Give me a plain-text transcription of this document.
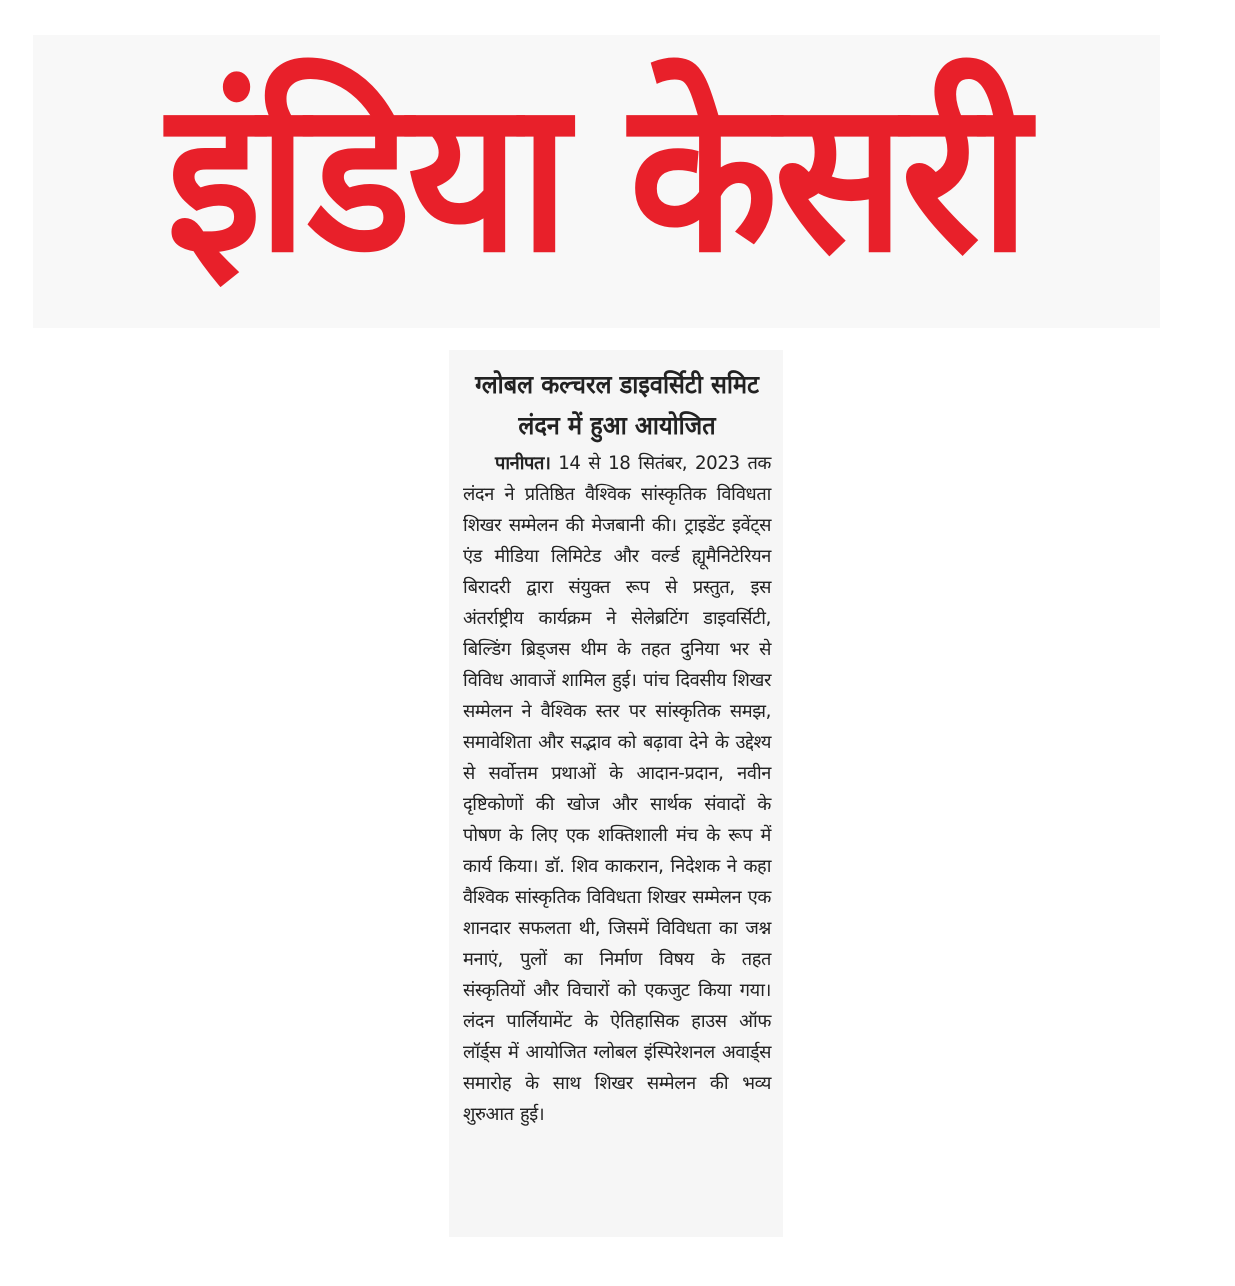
इंडिया केसरी
ग्लोबल कल्चरल डाइवर्सिटी समिट लंदन में हुआ आयोजित

पानीपत। 14 से 18 सितंबर, 2023 तक लंदन ने प्रतिष्ठित वैश्विक सांस्कृतिक विविधता शिखर सम्मेलन की मेजबानी की। ट्राइडेंट इवेंट्स एंड मीडिया लिमिटेड और वर्ल्ड ह्यूमैनिटेरियन बिरादरी द्वारा संयुक्त रूप से प्रस्तुत, इस अंतर्राष्ट्रीय कार्यक्रम ने सेलेब्रटिंग डाइवर्सिटी, बिल्डिंग ब्रिड्जस थीम के तहत दुनिया भर से विविध आवाजें शामिल हुई। पांच दिवसीय शिखर सम्मेलन ने वैश्विक स्तर पर सांस्कृतिक समझ, समावेशिता और सद्भाव को बढ़ावा देने के उद्देश्य से सर्वोत्तम प्रथाओं के आदान-प्रदान, नवीन दृष्टिकोणों की खोज और सार्थक संवादों के पोषण के लिए एक शक्तिशाली मंच के रूप में कार्य किया। डॉ. शिव काकरान, निदेशक ने कहा वैश्विक सांस्कृतिक विविधता शिखर सम्मेलन एक शानदार सफलता थी, जिसमें विविधता का जश्न मनाएं, पुलों का निर्माण विषय के तहत संस्कृतियों और विचारों को एकजुट किया गया। लंदन पार्लियामेंट के ऐतिहासिक हाउस ऑफ लॉर्ड्स में आयोजित ग्लोबल इंस्पिरेशनल अवार्ड्स समारोह के साथ शिखर सम्मेलन की भव्य शुरुआत हुई।
